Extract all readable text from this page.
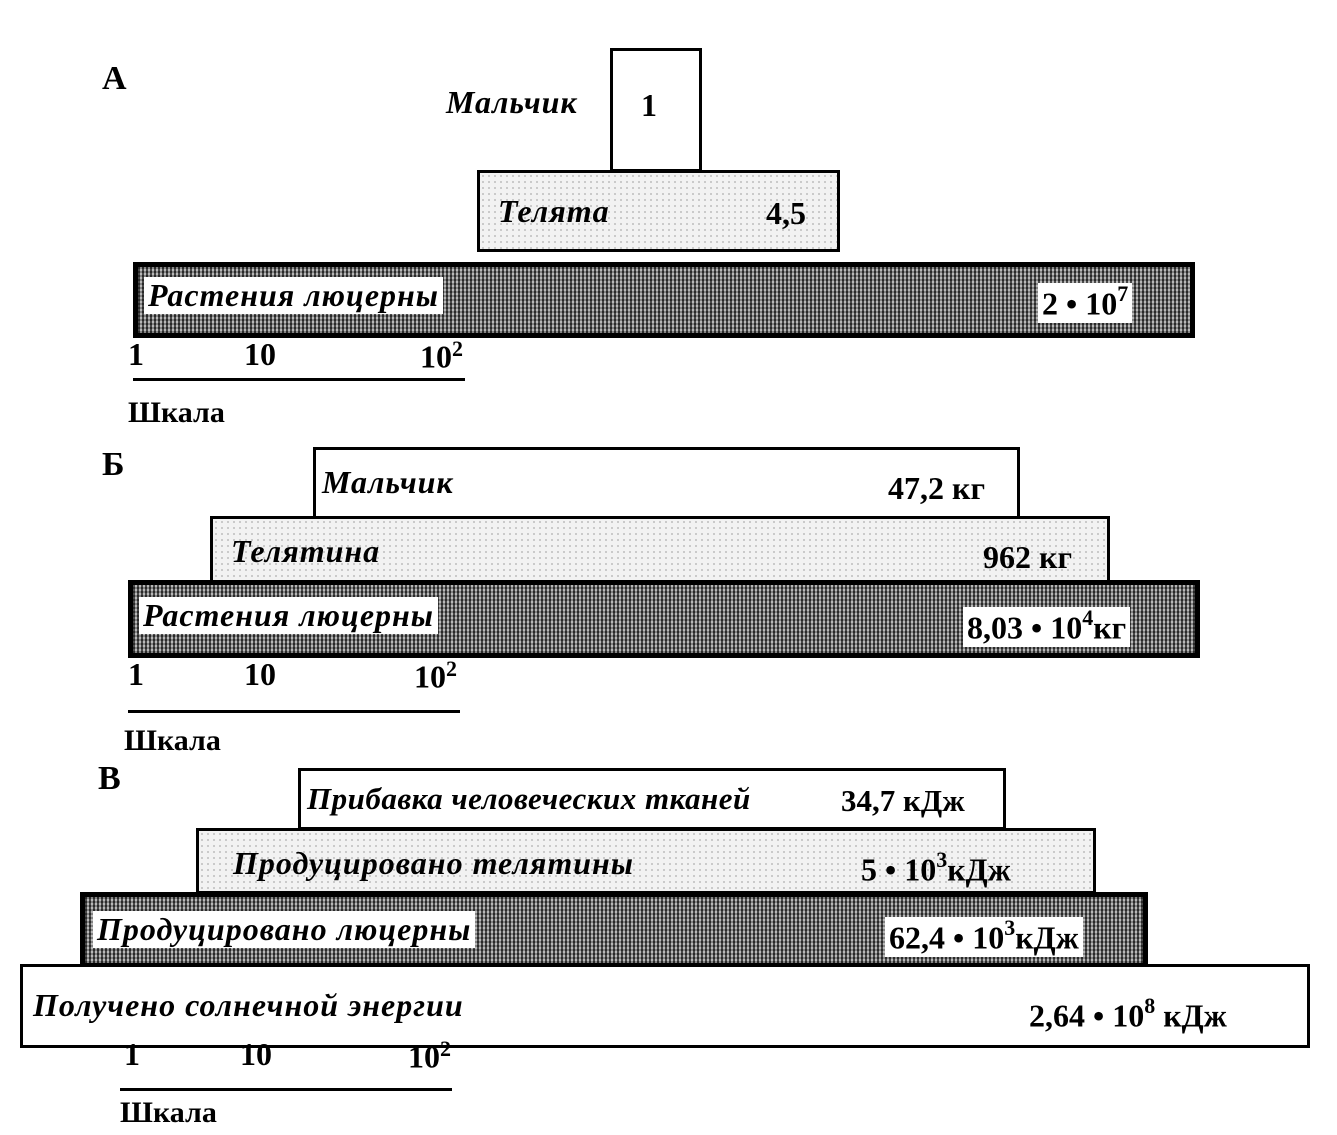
А
Мальчик 1
Телята	4,5
Растения люцерны	2 • $10^7$
1	10	$10^2$
Шкала
Б	Мальчик	47,2 кг
Телятина	962 кг
Растения люцерны	8,03 • $10^4кг$
1	10	$10^2$
Шкала
В
Прибавка человеческих тканей	34,7 кДж
Продуцировано телятины	5 • $10^3кДж$
Продуцировано люцерны	62,4 • $10^3кДж$
Получено солнечной энергии	2,64 • $10^8$ кДж
1	10	$10^2$
Шкала
